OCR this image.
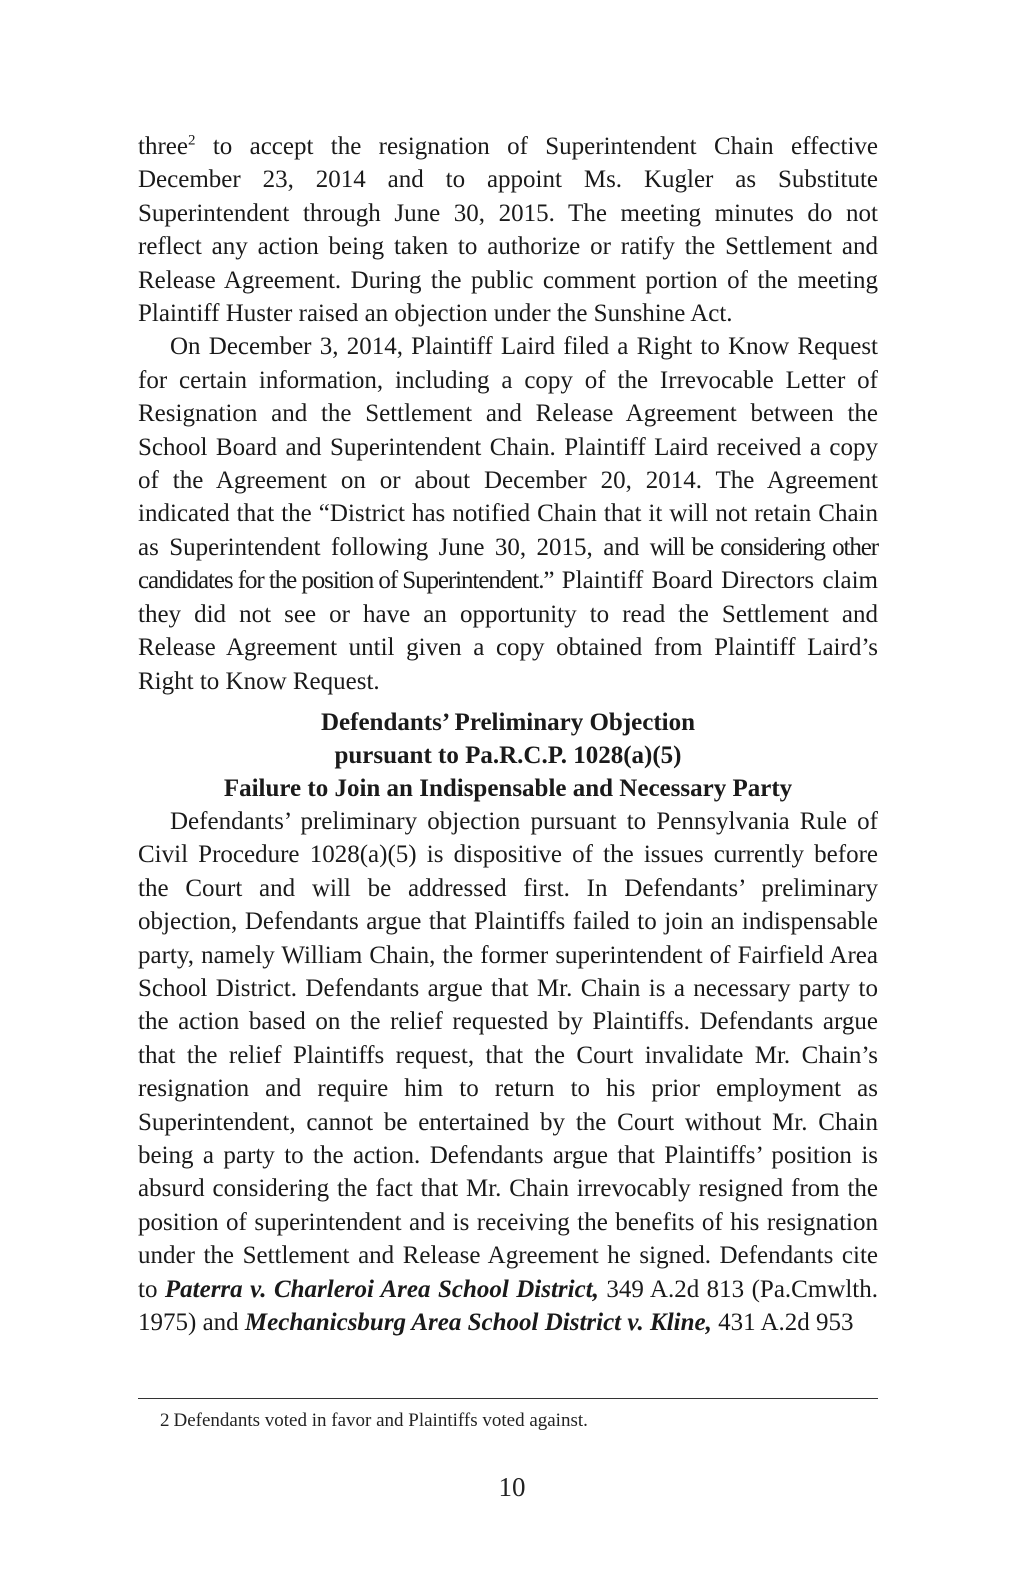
three$^2$ to accept the resignation of Superintendent Chain effective December 23, 2014 and to appoint Ms. Kugler as Substitute Superintendent through June 30, 2015. The meeting minutes do not reflect any action being taken to authorize or ratify the Settlement and Release Agreement. During the public comment portion of the meeting Plaintiff Huster raised an objection under the Sunshine Act.

On December 3, 2014, Plaintiff Laird filed a Right to Know Request for certain information, including a copy of the Irrevocable Letter of Resignation and the Settlement and Release Agreement between the School Board and Superintendent Chain. Plaintiff Laird received a copy of the Agreement on or about December 20, 2014. The Agreement indicated that the “District has notified Chain that it will not retain Chain as Superintendent following June 30, 2015, and will be considering other candidates for the position of Superintendent.” Plaintiff Board Directors claim they did not see or have an opportunity to read the Settlement and Release Agreement until given a copy obtained from Plaintiff Laird’s Right to Know Request.

Defendants’ Preliminary Objection
pursuant to Pa.R.C.P. 1028(a)(5)
Failure to Join an Indispensable and Necessary Party

Defendants’ preliminary objection pursuant to Pennsylvania Rule of Civil Procedure 1028(a)(5) is dispositive of the issues currently before the Court and will be addressed first. In Defendants’ preliminary objection, Defendants argue that Plaintiffs failed to join an indispensable party, namely William Chain, the former superintendent of Fairfield Area School District. Defendants argue that Mr. Chain is a necessary party to the action based on the relief requested by Plaintiffs. Defendants argue that the relief Plaintiffs request, that the Court invalidate Mr. Chain’s resignation and require him to return to his prior employment as Superintendent, cannot be entertained by the Court without Mr. Chain being a party to the action. Defendants argue that Plaintiffs’ position is absurd considering the fact that Mr. Chain irrevocably resigned from the position of superintendent and is receiving the benefits of his resignation under the Settlement and Release Agreement he signed. Defendants cite to Paterra v. Charleroi Area School District, 349 A.2d 813 (Pa.Cmwlth. 1975) and Mechanicsburg Area School District v. Kline, 431 A.2d 953

2 Defendants voted in favor and Plaintiffs voted against.
10
